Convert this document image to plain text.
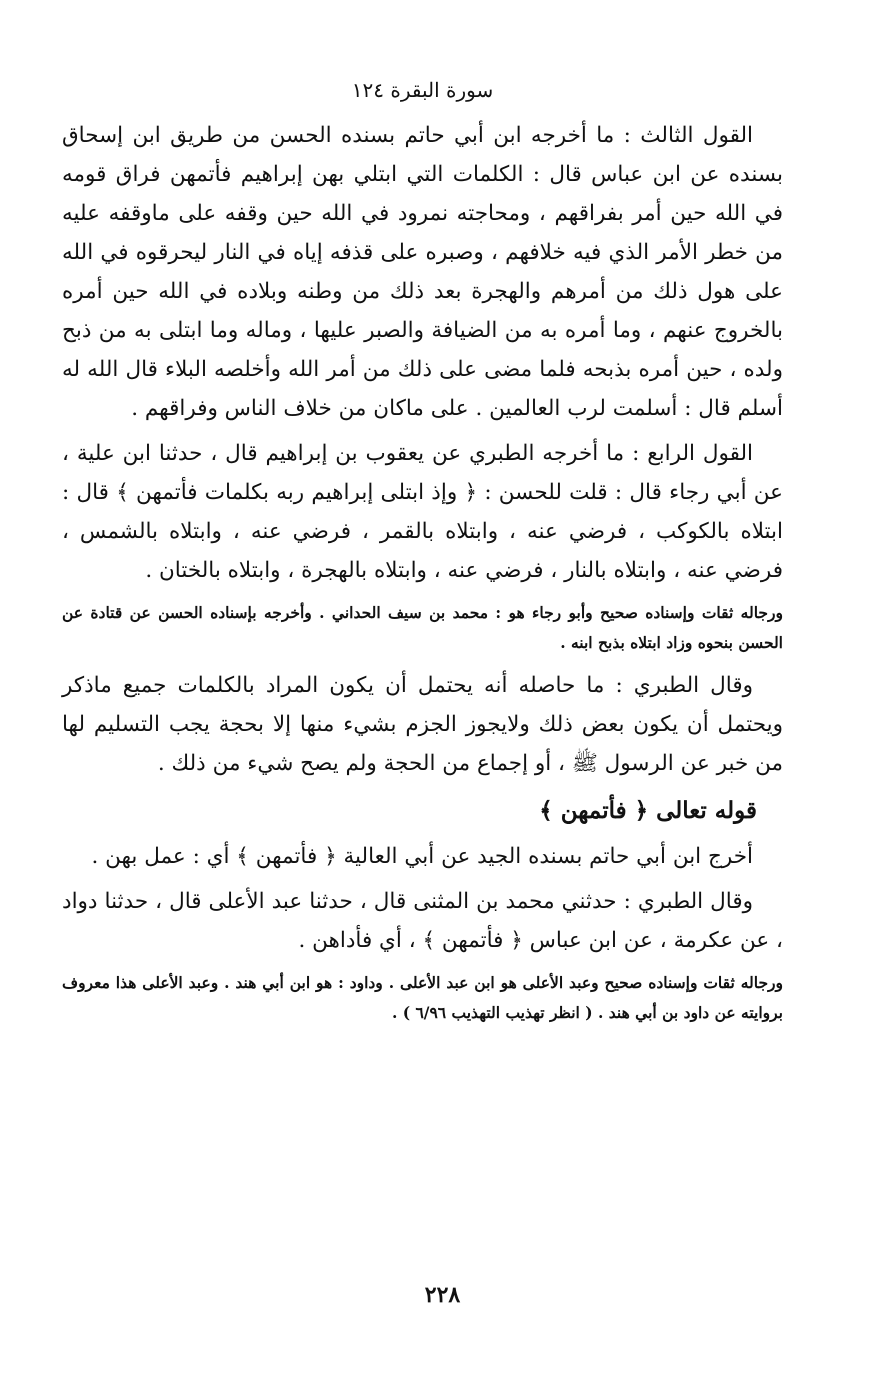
سورة البقرة ١٢٤

القول الثالث : ما أخرجه ابن أبي حاتم بسنده الحسن من طريق ابن إسحاق بسنده عن ابن عباس قال : الكلمات التي ابتلي بهن إبراهيم فأتمهن فراق قومه في الله حين أمر بفراقهم ، ومحاجته نمرود في الله حين وقفه على ماوقفه عليه من خطر الأمر الذي فيه خلافهم ، وصبره على قذفه إياه في النار ليحرقوه في الله على هول ذلك من أمرهم والهجرة بعد ذلك من وطنه وبلاده في الله حين أمره بالخروج عنهم ، وما أمره به من الضيافة والصبر عليها ، وماله وما ابتلى به من ذبح ولده ، حين أمره بذبحه فلما مضى على ذلك من أمر الله وأخلصه البلاء قال الله له أسلم قال : أسلمت لرب العالمين . على ماكان من خلاف الناس وفراقهم .

القول الرابع : ما أخرجه الطبري عن يعقوب بن إبراهيم قال ، حدثنا ابن علية ، عن أبي رجاء قال : قلت للحسن : ﴿ وإذ ابتلى إبراهيم ربه بكلمات فأتمهن ﴾ قال : ابتلاه بالكوكب ، فرضي عنه ، وابتلاه بالقمر ، فرضي عنه ، وابتلاه بالشمس ، فرضي عنه ، وابتلاه بالنار ، فرضي عنه ، وابتلاه بالهجرة ، وابتلاه بالختان .

ورجاله ثقات وإسناده صحيح وأبو رجاء هو : محمد بن سيف الحداني . وأخرجه بإسناده الحسن عن قتادة عن الحسن بنحوه وزاد ابتلاه بذبح ابنه .

وقال الطبري : ما حاصله أنه يحتمل أن يكون المراد بالكلمات جميع ماذكر ويحتمل أن يكون بعض ذلك ولايجوز الجزم بشيء منها إلا بحجة يجب التسليم لها من خبر عن الرسول ﷺ ، أو إجماع من الحجة ولم يصح شيء من ذلك .

قوله تعالى ﴿ فأتمهن ﴾

أخرج ابن أبي حاتم بسنده الجيد عن أبي العالية ﴿ فأتمهن ﴾ أي : عمل بهن .

وقال الطبري : حدثني محمد بن المثنى قال ، حدثنا عبد الأعلى قال ، حدثنا دواد ، عن عكرمة ، عن ابن عباس ﴿ فأتمهن ﴾ ، أي فأداهن .

ورجاله ثقات وإسناده صحيح وعبد الأعلى هو ابن عبد الأعلى . وداود : هو ابن أبي هند . وعبد الأعلى هذا معروف بروايته عن داود بن أبي هند . ( انظر تهذيب التهذيب ٦/٩٦ ) .

٢٢٨
